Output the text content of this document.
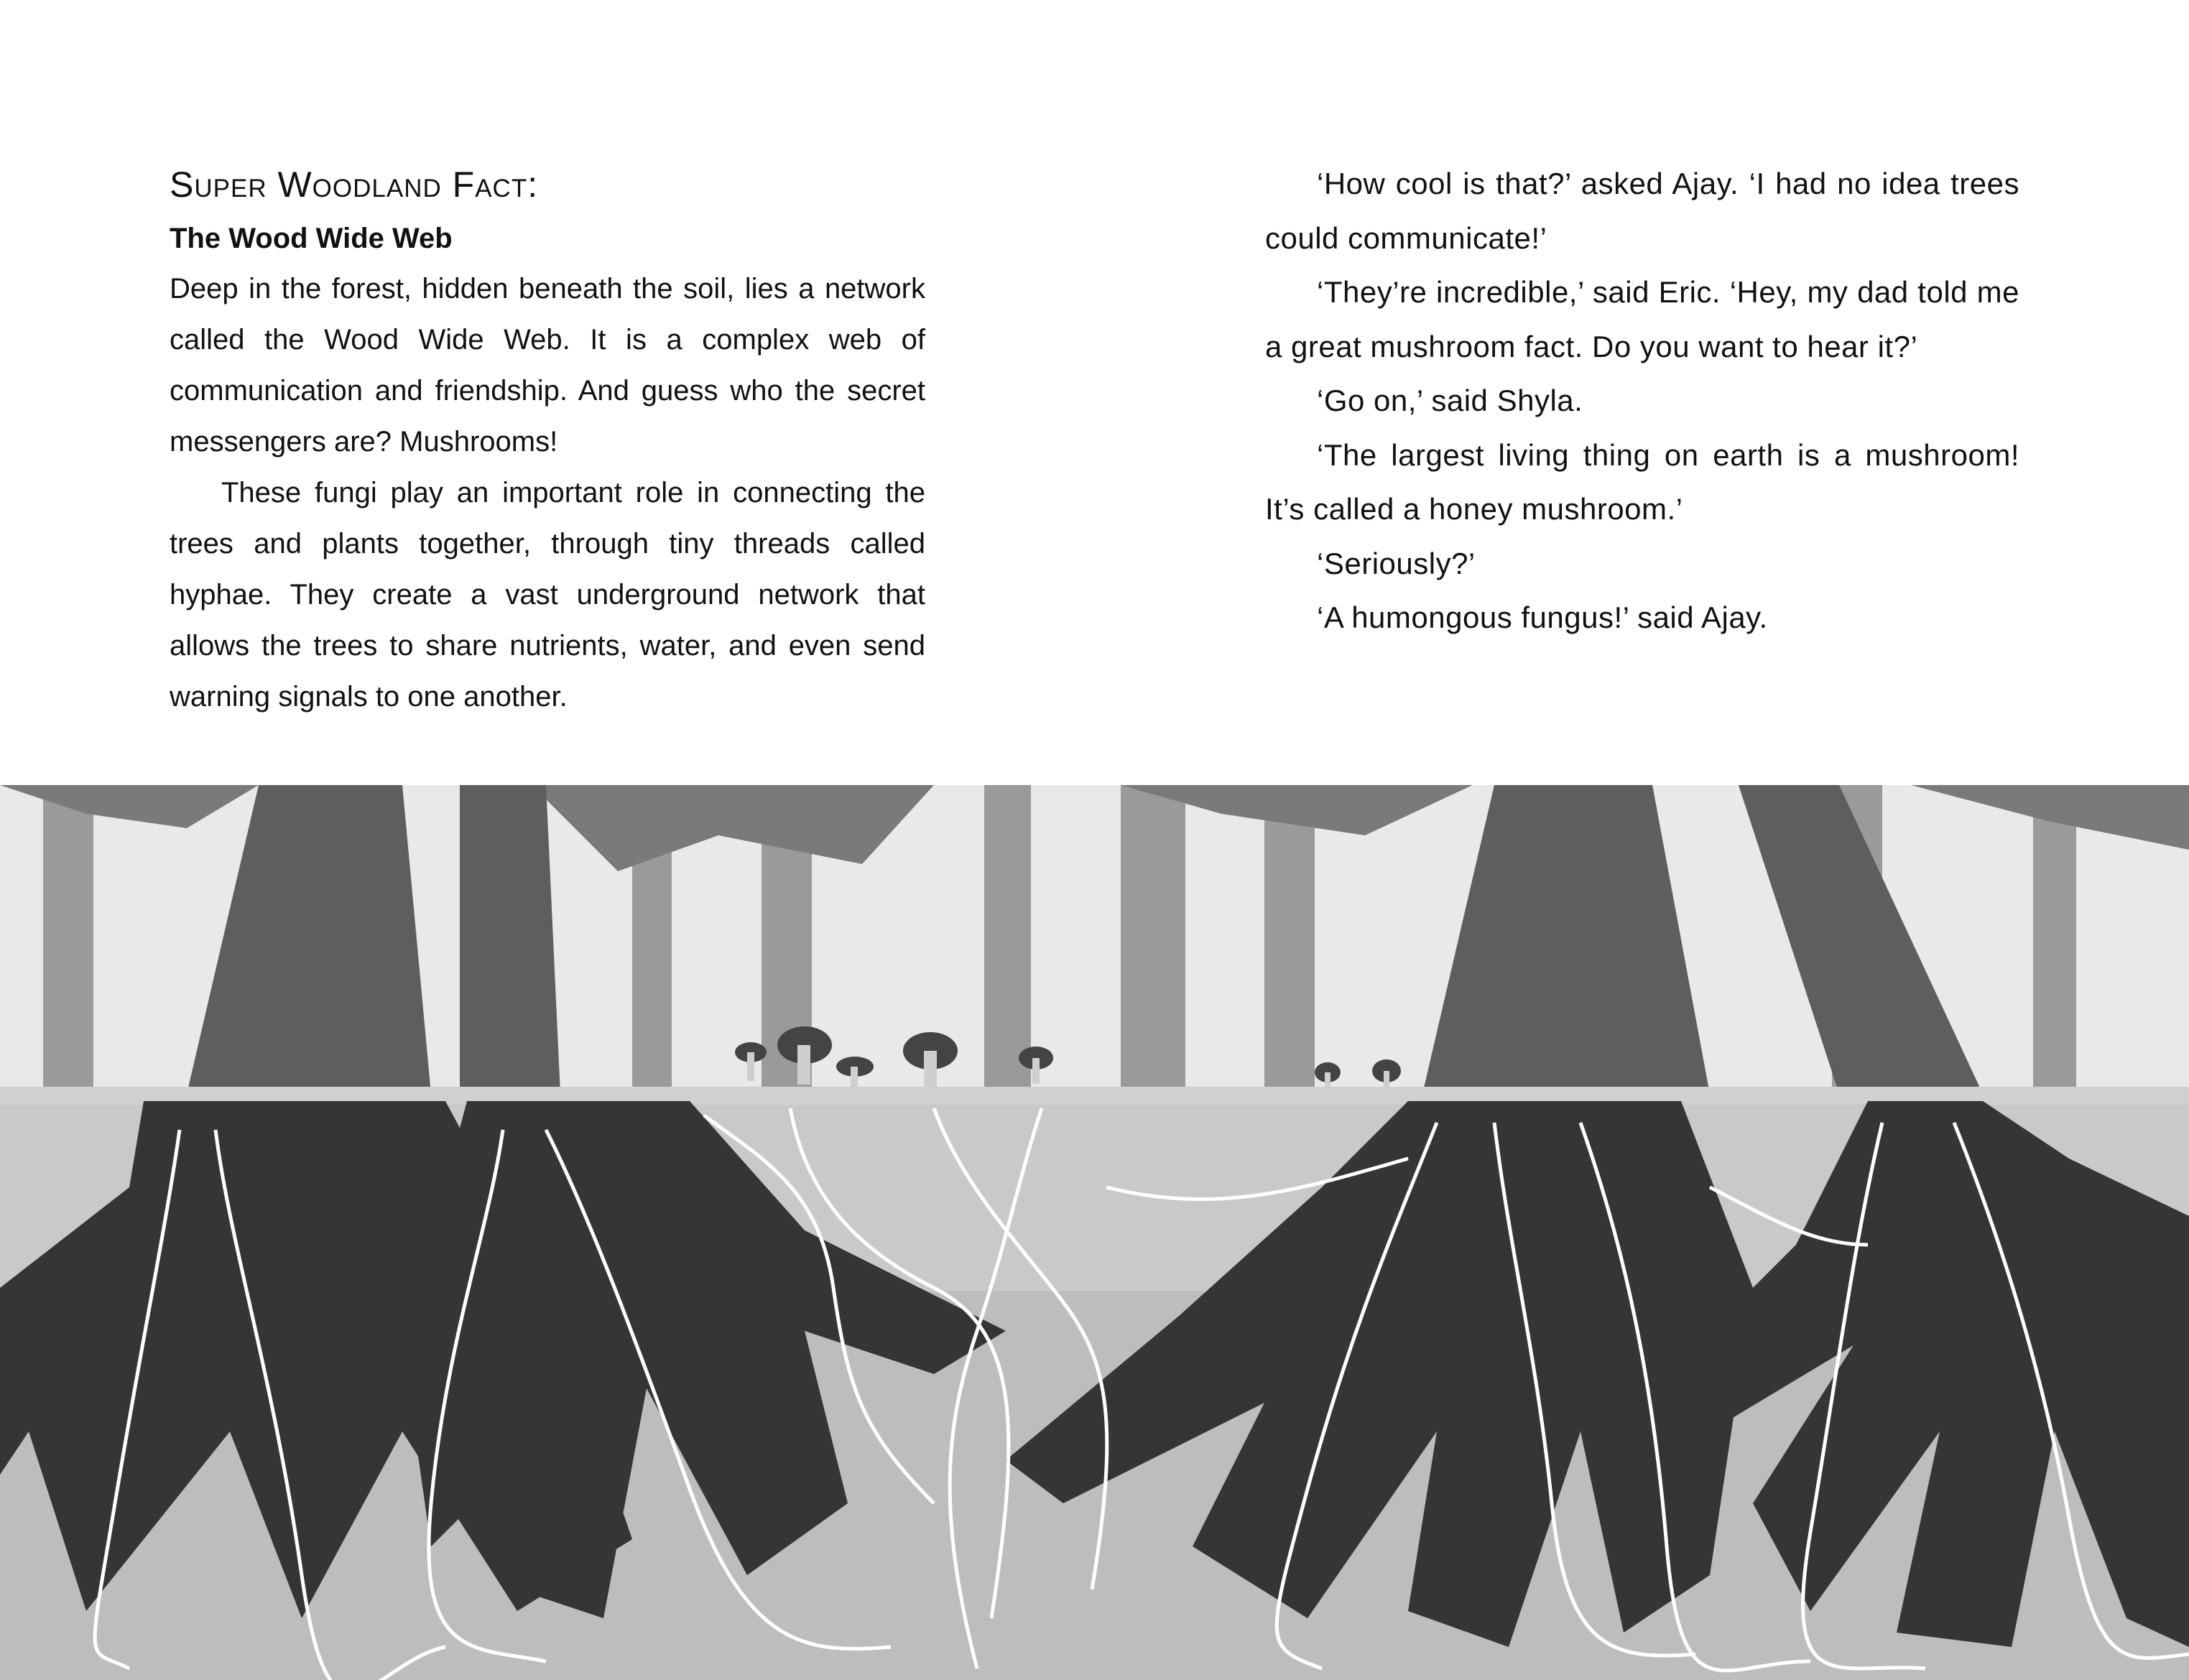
Super Woodland Fact:
The Wood Wide Web

Deep in the forest, hidden beneath the soil, lies a network called the Wood Wide Web. It is a complex web of communication and friendship. And guess who the secret messengers are? Mushrooms!

These fungi play an important role in connecting the trees and plants together, through tiny threads called hyphae. They create a vast underground network that allows the trees to share nutrients, water, and even send warning signals to one another.

‘How cool is that?’ asked Ajay. ‘I had no idea trees could communicate!’

‘They’re incredible,’ said Eric. ‘Hey, my dad told me a great mushroom fact. Do you want to hear it?’

‘Go on,’ said Shyla.

‘The largest living thing on earth is a mushroom! It’s called a honey mushroom.’

‘Seriously?’

‘A humongous fungus!’ said Ajay.
